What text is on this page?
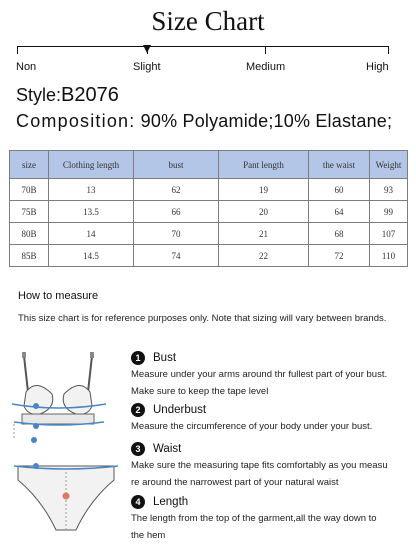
Size Chart
Non	Slight	Medium	High
Style:B2076
Composition: 90% Polyamide;10% Elastane;
size	Clothing length	bust	Pant length	the waist	Weight
70B	13	62	19	60	93
75B	13.5	66	20	64	99
80B	14	70	21	68	107
85B	14.5	74	22	72	110
How to measure
This size chart is for reference purposes only. Note that sizing will vary between brands.
1	Bust
Measure under your arms around thr fullest part of your bust.
Make sure to keep the tape level
2	Underbust
Measure the circumference of your body under your bust.
3	Waist
Make sure the measuring tape fits comfortably as you measu
re around the narrowest part of your natural waist
4	Length
The length from the top of the garment,all the way down to
the hem
